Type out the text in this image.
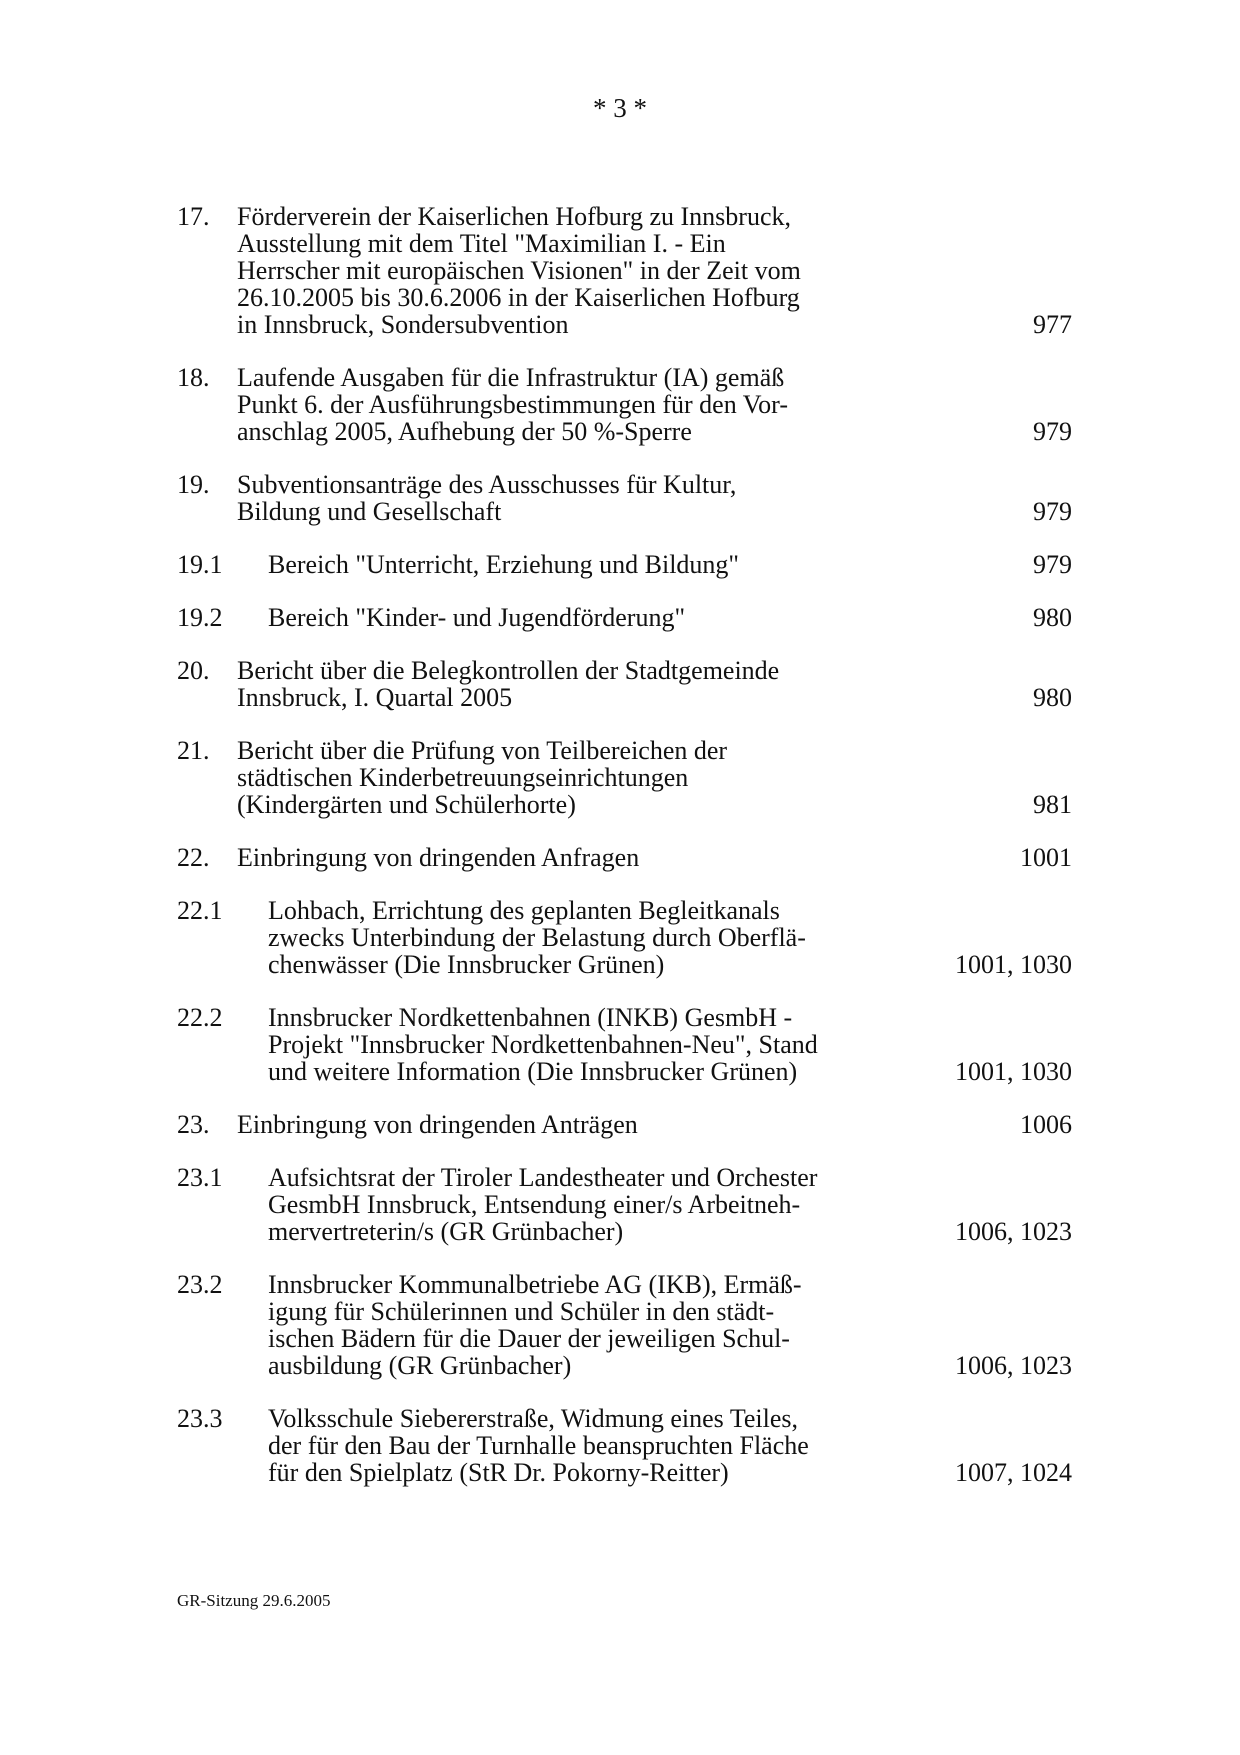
* 3 *
17. Förderverein der Kaiserlichen Hofburg zu Innsbruck,
Ausstellung mit dem Titel "Maximilian I. - Ein
Herrscher mit europäischen Visionen" in der Zeit vom
26.10.2005 bis 30.6.2006 in der Kaiserlichen Hofburg
in Innsbruck, Sondersubvention	977
18. Laufende Ausgaben für die Infrastruktur (IA) gemäß
Punkt 6. der Ausführungsbestimmungen für den Vor-
anschlag 2005, Aufhebung der 50 %-Sperre	979
19. Subventionsanträge des Ausschusses für Kultur,
Bildung und Gesellschaft	979
19.1 Bereich "Unterricht, Erziehung und Bildung"	979
19.2 Bereich "Kinder- und Jugendförderung"	980
20. Bericht über die Belegkontrollen der Stadtgemeinde
Innsbruck, I. Quartal 2005	980
21. Bericht über die Prüfung von Teilbereichen der
städtischen Kinderbetreuungseinrichtungen
(Kindergärten und Schülerhorte)	981
22. Einbringung von dringenden Anfragen	1001
22.1 Lohbach, Errichtung des geplanten Begleitkanals
zwecks Unterbindung der Belastung durch Oberflä-
chenwässer (Die Innsbrucker Grünen)	1001, 1030
22.2 Innsbrucker Nordkettenbahnen (INKB) GesmbH -
Projekt "Innsbrucker Nordkettenbahnen-Neu", Stand
und weitere Information (Die Innsbrucker Grünen)	1001, 1030
23. Einbringung von dringenden Anträgen	1006
23.1 Aufsichtsrat der Tiroler Landestheater und Orchester
GesmbH Innsbruck, Entsendung einer/s Arbeitneh-
mervertreterin/s (GR Grünbacher)	1006, 1023
23.2 Innsbrucker Kommunalbetriebe AG (IKB), Ermäß-
igung für Schülerinnen und Schüler in den städt-
ischen Bädern für die Dauer der jeweiligen Schul-
ausbildung (GR Grünbacher)	1006, 1023
23.3 Volksschule Siebererstraße, Widmung eines Teiles,
der für den Bau der Turnhalle beanspruchten Fläche
für den Spielplatz (StR Dr. Pokorny-Reitter)	1007, 1024
GR-Sitzung 29.6.2005
